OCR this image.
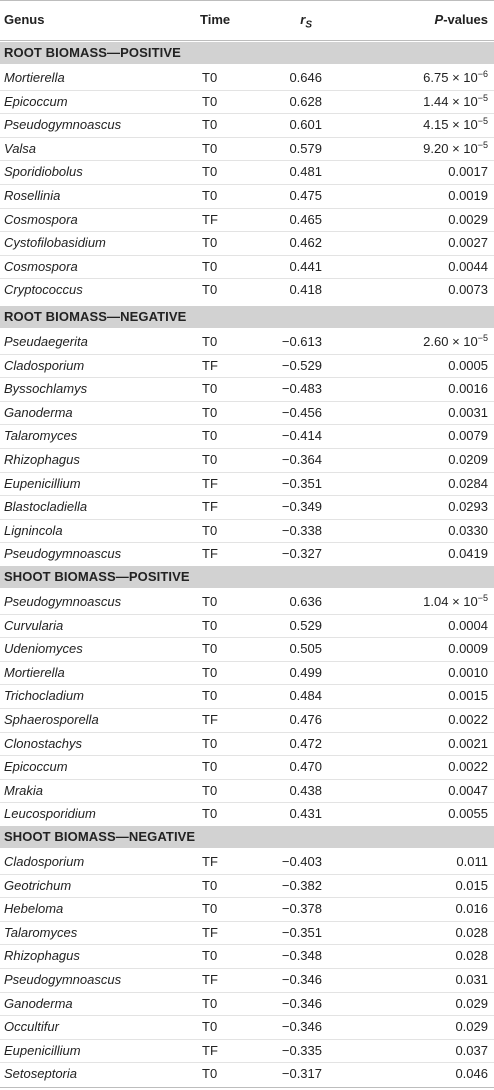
Genus	Time	$r_S$	P-values
ROOT BIOMASS—POSITIVE
Mortierella	T0	0.646	$6.75 \times 10^{-6}$
Epicoccum	T0	0.628	$1.44 \times 10^{-5}$
Pseudogymnoascus	T0	0.601	$4.15 \times 10^{-5}$
Valsa	T0	0.579	$9.20 \times 10^{-5}$
Sporidiobolus	T0	0.481	0.0017
Rosellinia	T0	0.475	0.0019
Cosmospora	TF	0.465	0.0029
Cystofilobasidium	T0	0.462	0.0027
Cosmospora	T0	0.441	0.0044
Cryptococcus	T0	0.418	0.0073
ROOT BIOMASS—NEGATIVE
Pseudaegerita	T0	−0.613	$2.60 \times 10^{-5}$
Cladosporium	TF	−0.529	0.0005
Byssochlamys	T0	−0.483	0.0016
Ganoderma	T0	−0.456	0.0031
Talaromyces	T0	−0.414	0.0079
Rhizophagus	T0	−0.364	0.0209
Eupenicillium	TF	−0.351	0.0284
Blastocladiella	TF	−0.349	0.0293
Lignincola	T0	−0.338	0.0330
Pseudogymnoascus	TF	−0.327	0.0419
SHOOT BIOMASS—POSITIVE
Pseudogymnoascus	T0	0.636	$1.04 \times 10^{-5}$
Curvularia	T0	0.529	0.0004
Udeniomyces	T0	0.505	0.0009
Mortierella	T0	0.499	0.0010
Trichocladium	T0	0.484	0.0015
Sphaerosporella	TF	0.476	0.0022
Clonostachys	T0	0.472	0.0021
Epicoccum	T0	0.470	0.0022
Mrakia	T0	0.438	0.0047
Leucosporidium	T0	0.431	0.0055
SHOOT BIOMASS—NEGATIVE
Cladosporium	TF	−0.403	0.011
Geotrichum	T0	−0.382	0.015
Hebeloma	T0	−0.378	0.016
Talaromyces	TF	−0.351	0.028
Rhizophagus	T0	−0.348	0.028
Pseudogymnoascus	TF	−0.346	0.031
Ganoderma	T0	−0.346	0.029
Occultifur	T0	−0.346	0.029
Eupenicillium	TF	−0.335	0.037
Setoseptoria	T0	−0.317	0.046
